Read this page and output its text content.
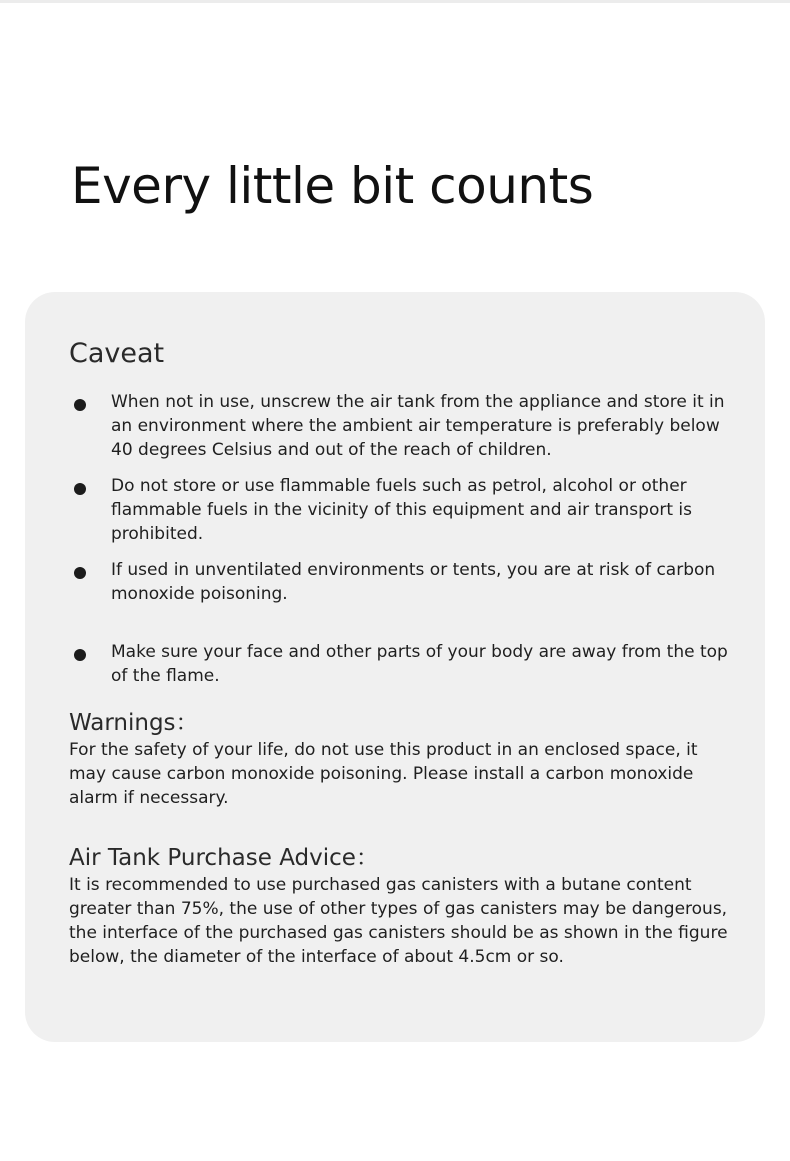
Every little bit counts
Caveat
When not in use, unscrew the air tank from the appliance and store it in an environment where the ambient air temperature is preferably below 40 degrees Celsius and out of the reach of children.
Do not store or use flammable fuels such as petrol, alcohol or other flammable fuels in the vicinity of this equipment and air transport is prohibited.
If used in unventilated environments or tents, you are at risk of carbon monoxide poisoning.
Make sure your face and other parts of your body are away from the top of the flame.
Warnings：

For the safety of your life, do not use this product in an enclosed space, it may cause carbon monoxide poisoning. Please install a carbon monoxide alarm if necessary.

Air Tank Purchase Advice：

It is recommended to use purchased gas canisters with a butane content greater than 75%, the use of other types of gas canisters may be dangerous, the interface of the purchased gas canisters should be as shown in the figure below, the diameter of the interface of about 4.5cm or so.
